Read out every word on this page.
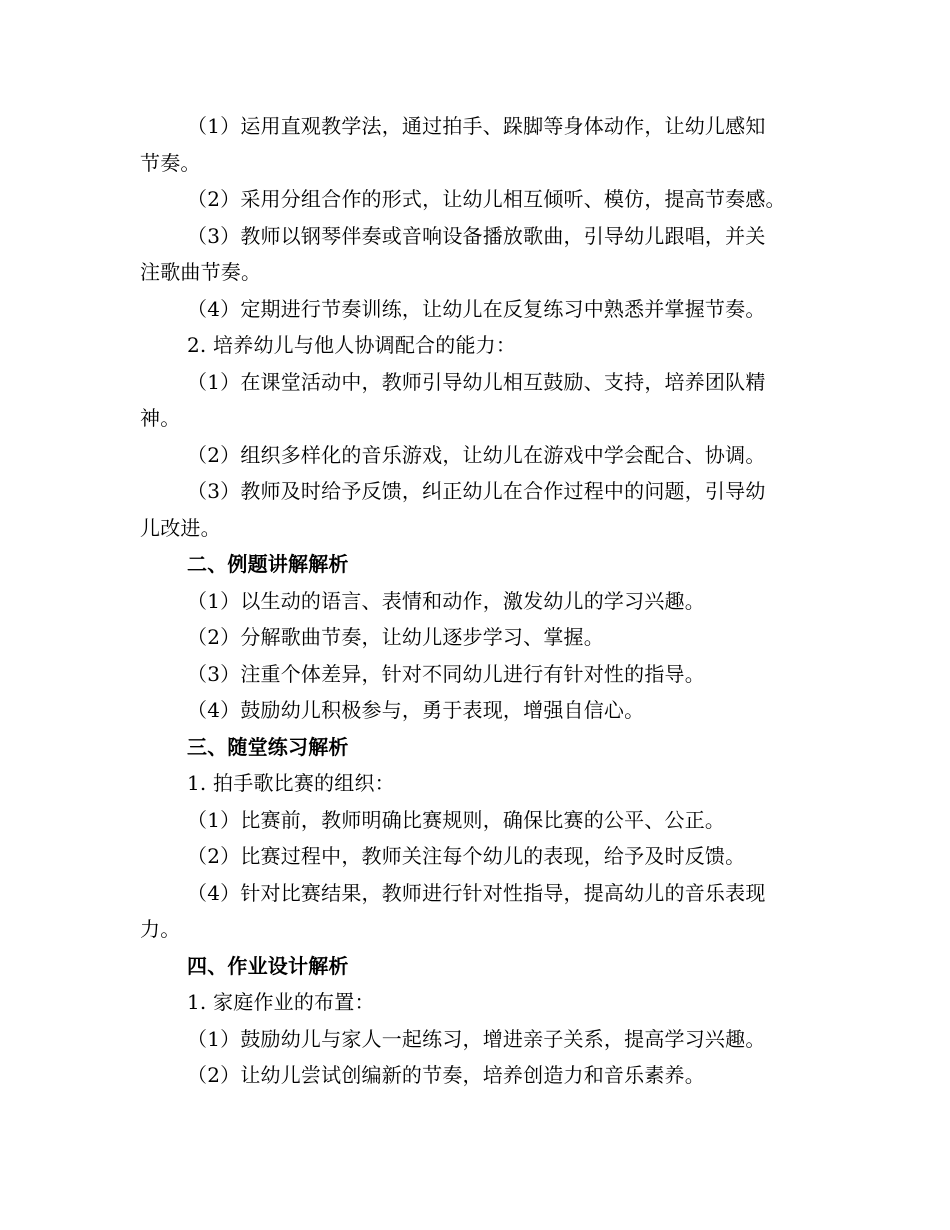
（1）运用直观教学法，通过拍手、跺脚等身体动作，让幼儿感知
节奏。
（2）采用分组合作的形式，让幼儿相互倾听、模仿，提高节奏感。
（3）教师以钢琴伴奏或音响设备播放歌曲，引导幼儿跟唱，并关
注歌曲节奏。
（4）定期进行节奏训练，让幼儿在反复练习中熟悉并掌握节奏。
2. 培养幼儿与他人协调配合的能力：
（1）在课堂活动中，教师引导幼儿相互鼓励、支持，培养团队精
神。
（2）组织多样化的音乐游戏，让幼儿在游戏中学会配合、协调。
（3）教师及时给予反馈，纠正幼儿在合作过程中的问题，引导幼
儿改进。
二、例题讲解解析
（1）以生动的语言、表情和动作，激发幼儿的学习兴趣。
（2）分解歌曲节奏，让幼儿逐步学习、掌握。
（3）注重个体差异，针对不同幼儿进行有针对性的指导。
（4）鼓励幼儿积极参与，勇于表现，增强自信心。
三、随堂练习解析
1. 拍手歌比赛的组织：
（1）比赛前，教师明确比赛规则，确保比赛的公平、公正。
（2）比赛过程中，教师关注每个幼儿的表现，给予及时反馈。
（4）针对比赛结果，教师进行针对性指导，提高幼儿的音乐表现
力。
四、作业设计解析
1. 家庭作业的布置：
（1）鼓励幼儿与家人一起练习，增进亲子关系，提高学习兴趣。
（2）让幼儿尝试创编新的节奏，培养创造力和音乐素养。
